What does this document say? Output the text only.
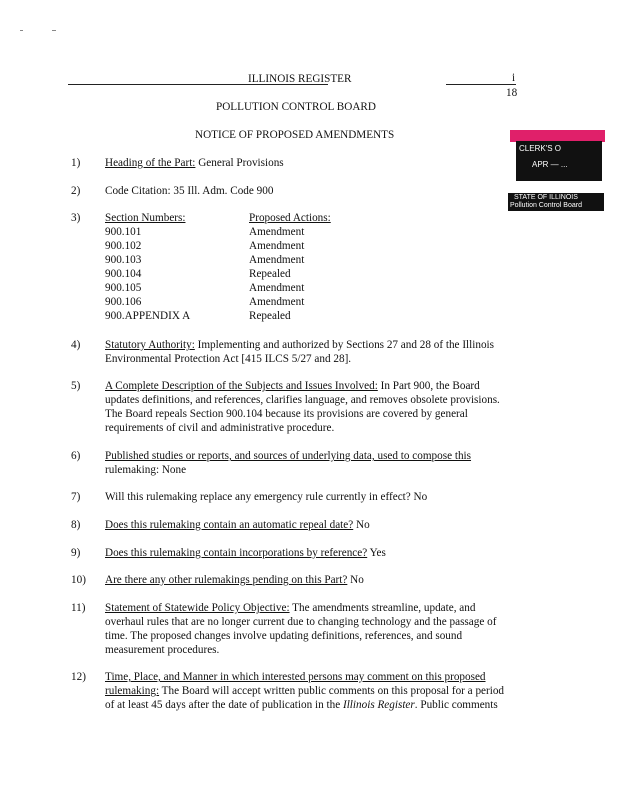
ILLINOIS REGISTER	i
18
POLLUTION CONTROL BOARD
NOTICE OF PROPOSED AMENDMENTS
CLERK'S O
APR — ...
STATE OF ILLINOIS
Pollution Control Board
1) Heading of the Part: General Provisions
2) Code Citation: 35 Ill. Adm. Code 900
3) Section Numbers:	Proposed Actions:
900.101	Amendment
900.102	Amendment
900.103	Amendment
900.104	Repealed
900.105	Amendment
900.106	Amendment
900.APPENDIX A	Repealed
4) Statutory Authority: Implementing and authorized by Sections 27 and 28 of the Illinois
Environmental Protection Act [415 ILCS 5/27 and 28].
5) A Complete Description of the Subjects and Issues Involved: In Part 900, the Board
updates definitions, and references, clarifies language, and removes obsolete provisions.
The Board repeals Section 900.104 because its provisions are covered by general
requirements of civil and administrative procedure.
6) Published studies or reports, and sources of underlying data, used to compose this
rulemaking: None
7) Will this rulemaking replace any emergency rule currently in effect? No
8) Does this rulemaking contain an automatic repeal date? No
9) Does this rulemaking contain incorporations by reference? Yes
10) Are there any other rulemakings pending on this Part? No
11) Statement of Statewide Policy Objective: The amendments streamline, update, and
overhaul rules that are no longer current due to changing technology and the passage of
time. The proposed changes involve updating definitions, references, and sound
measurement procedures.
12) Time, Place, and Manner in which interested persons may comment on this proposed
rulemaking: The Board will accept written public comments on this proposal for a period
of at least 45 days after the date of publication in the Illinois Register. Public comments
